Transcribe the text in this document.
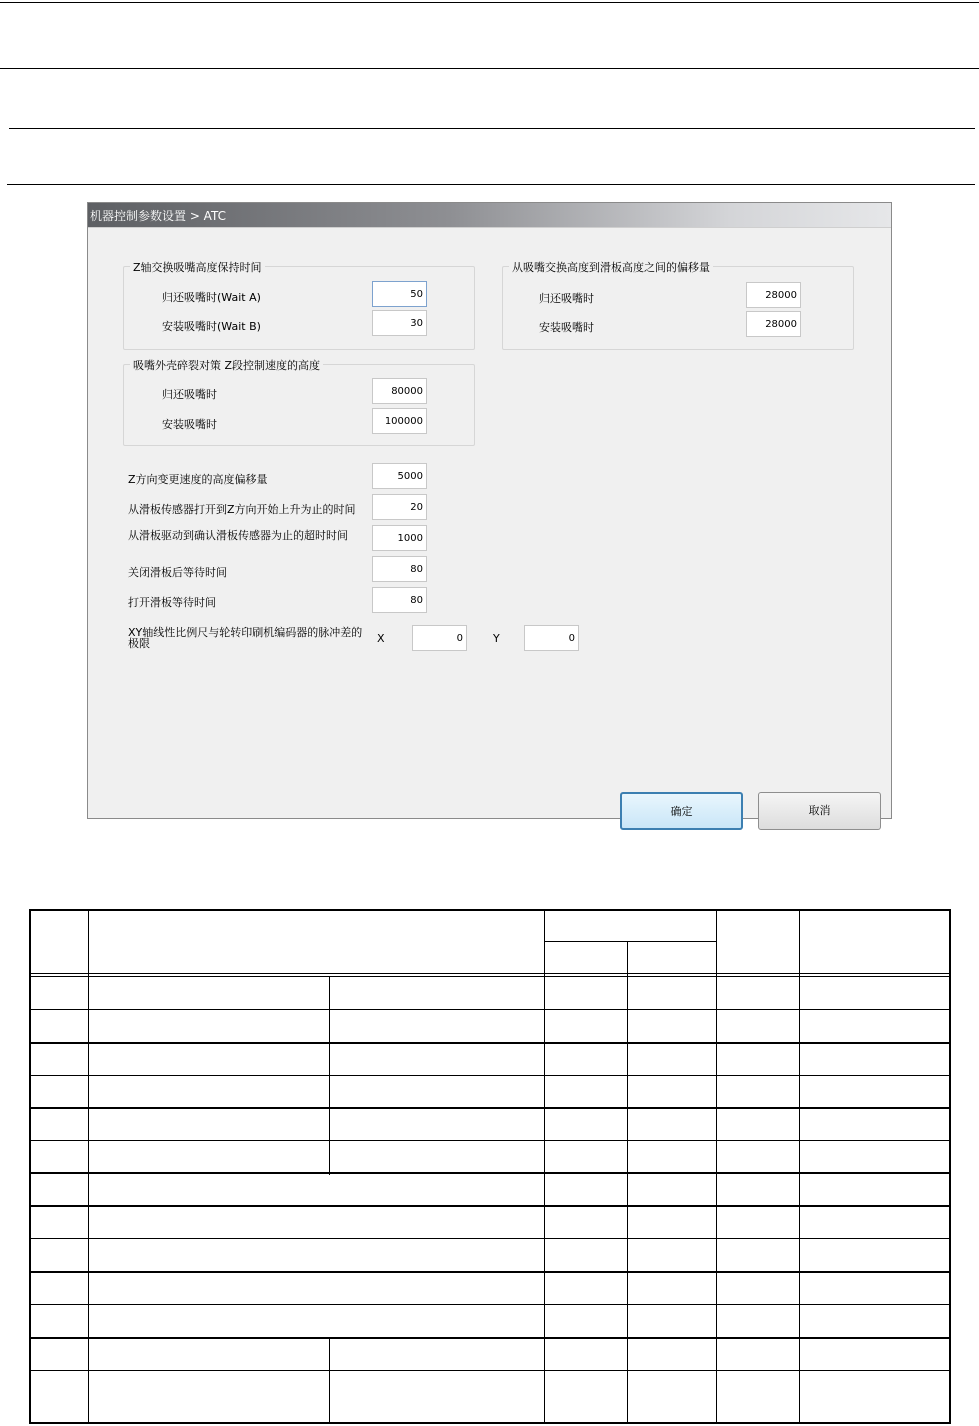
机器控制参数设置 > ATC
Z轴交换吸嘴高度保持时间
归还吸嘴时(Wait A)	50
安装吸嘴时(Wait B)	30
从吸嘴交换高度到滑板高度之间的偏移量
归还吸嘴时	28000
安装吸嘴时	28000
吸嘴外壳碎裂对策 Z段控制速度的高度
归还吸嘴时	80000
安装吸嘴时	100000
Z方向变更速度的高度偏移量	5000
从滑板传感器打开到Z方向开始上升为止的时间	20
从滑板驱动到确认滑板传感器为止的超时时间	1000
关闭滑板后等待时间	80
打开滑板等待时间	80
XY轴线性比例尺与轮转印刷机编码器的脉冲差的极限	X	0	Y	0
确定	取消
